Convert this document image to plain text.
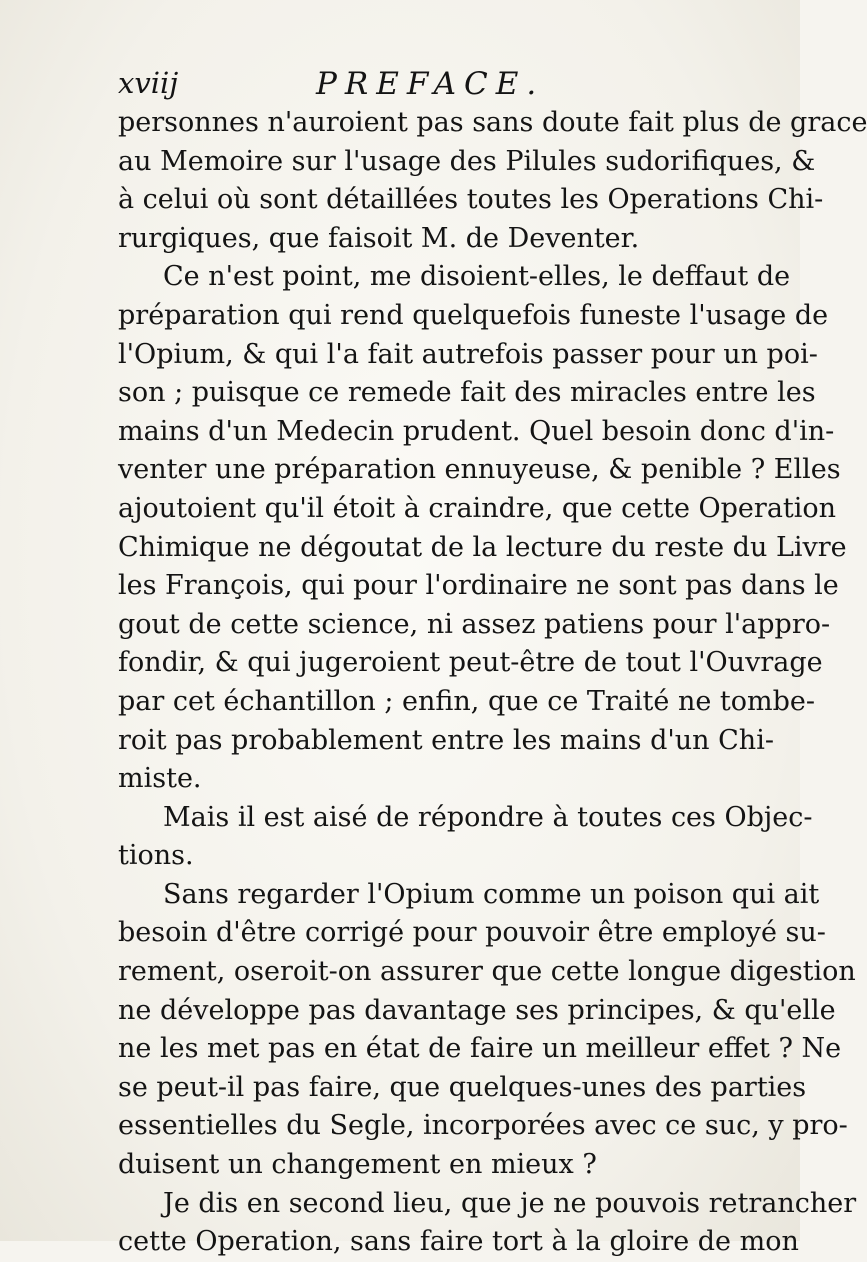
xviij	PREFACE.
personnes n'auroient pas sans doute fait plus de grace
au Memoire sur l'usage des Pilules sudorifiques, &
à celui où sont détaillées toutes les Operations Chi-
rurgiques, que faisoit M. de Deventer.
Ce n'est point, me disoient-elles, le deffaut de
préparation qui rend quelquefois funeste l'usage de
l'Opium, & qui l'a fait autrefois passer pour un poi-
son ; puisque ce remede fait des miracles entre les
mains d'un Medecin prudent. Quel besoin donc d'in-
venter une préparation ennuyeuse, & penible ? Elles
ajoutoient qu'il étoit à craindre, que cette Operation
Chimique ne dégoutat de la lecture du reste du Livre
les François, qui pour l'ordinaire ne sont pas dans le
gout de cette science, ni assez patiens pour l'appro-
fondir, & qui jugeroient peut-être de tout l'Ouvrage
par cet échantillon ; enfin, que ce Traité ne tombe-
roit pas probablement entre les mains d'un Chi-
miste.
Mais il est aisé de répondre à toutes ces Objec-
tions.
Sans regarder l'Opium comme un poison qui ait
besoin d'être corrigé pour pouvoir être employé su-
rement, oseroit-on assurer que cette longue digestion
ne développe pas davantage ses principes, & qu'elle
ne les met pas en état de faire un meilleur effet ? Ne
se peut-il pas faire, que quelques-unes des parties
essentielles du Segle, incorporées avec ce suc, y pro-
duisent un changement en mieux ?
Je dis en second lieu, que je ne pouvois retrancher
cette Operation, sans faire tort à la gloire de mon
